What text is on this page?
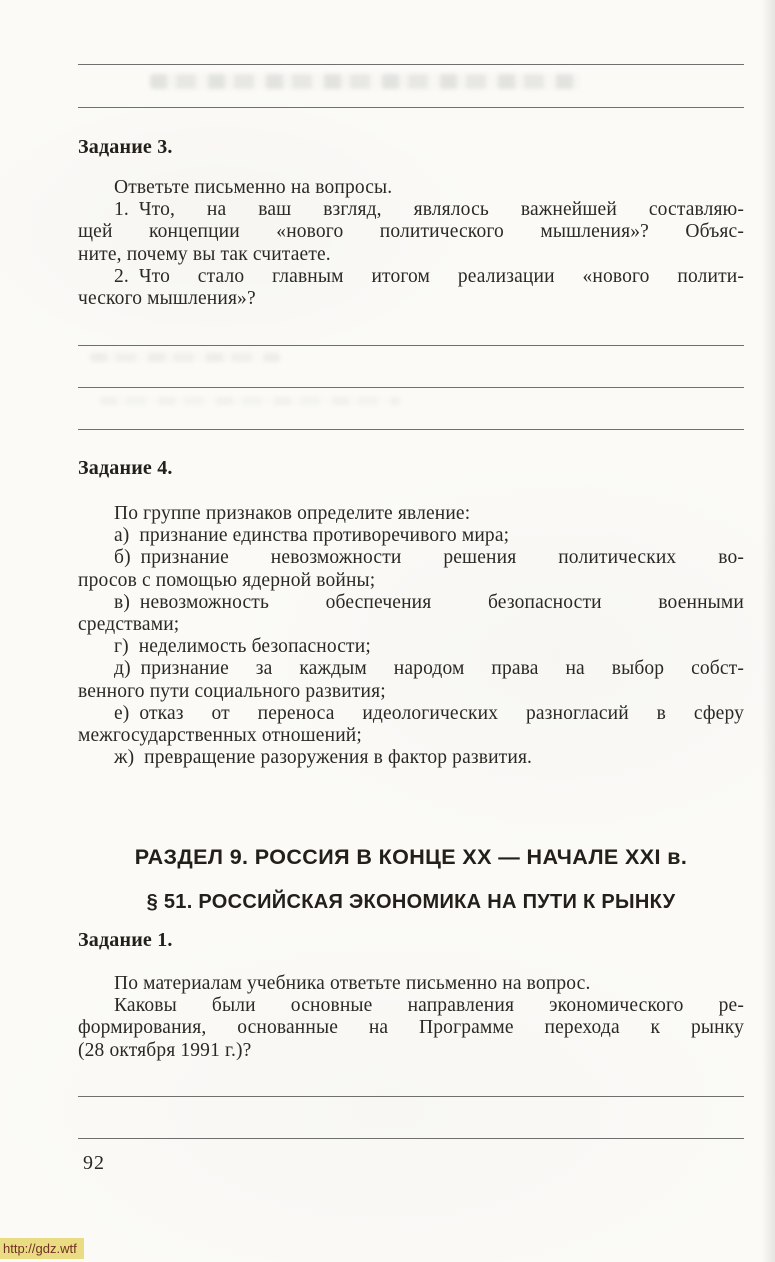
Задание 3.
Ответьте письменно на вопросы.
1. Что, на ваш взгляд, являлось важнейшей составляю-
щей концепции «нового политического мышления»? Объяс-
ните, почему вы так считаете.
2. Что стало главным итогом реализации «нового полити-
ческого мышления»?
Задание 4.
По группе признаков определите явление:
а) признание единства противоречивого мира;
б) признание невозможности решения политических во-
просов с помощью ядерной войны;
в) невозможность обеспечения безопасности военными
средствами;
г) неделимость безопасности;
д) признание за каждым народом права на выбор собст-
венного пути социального развития;
е) отказ от переноса идеологических разногласий в сферу
межгосударственных отношений;
ж) превращение разоружения в фактор развития.
РАЗДЕЛ 9. РОССИЯ В КОНЦЕ XX — НАЧАЛЕ XXI в.
§ 51. РОССИЙСКАЯ ЭКОНОМИКА НА ПУТИ К РЫНКУ
Задание 1.
По материалам учебника ответьте письменно на вопрос.
Каковы были основные направления экономического ре-
формирования, основанные на Программе перехода к рынку
(28 октября 1991 г.)?
92
http://gdz.wtf
